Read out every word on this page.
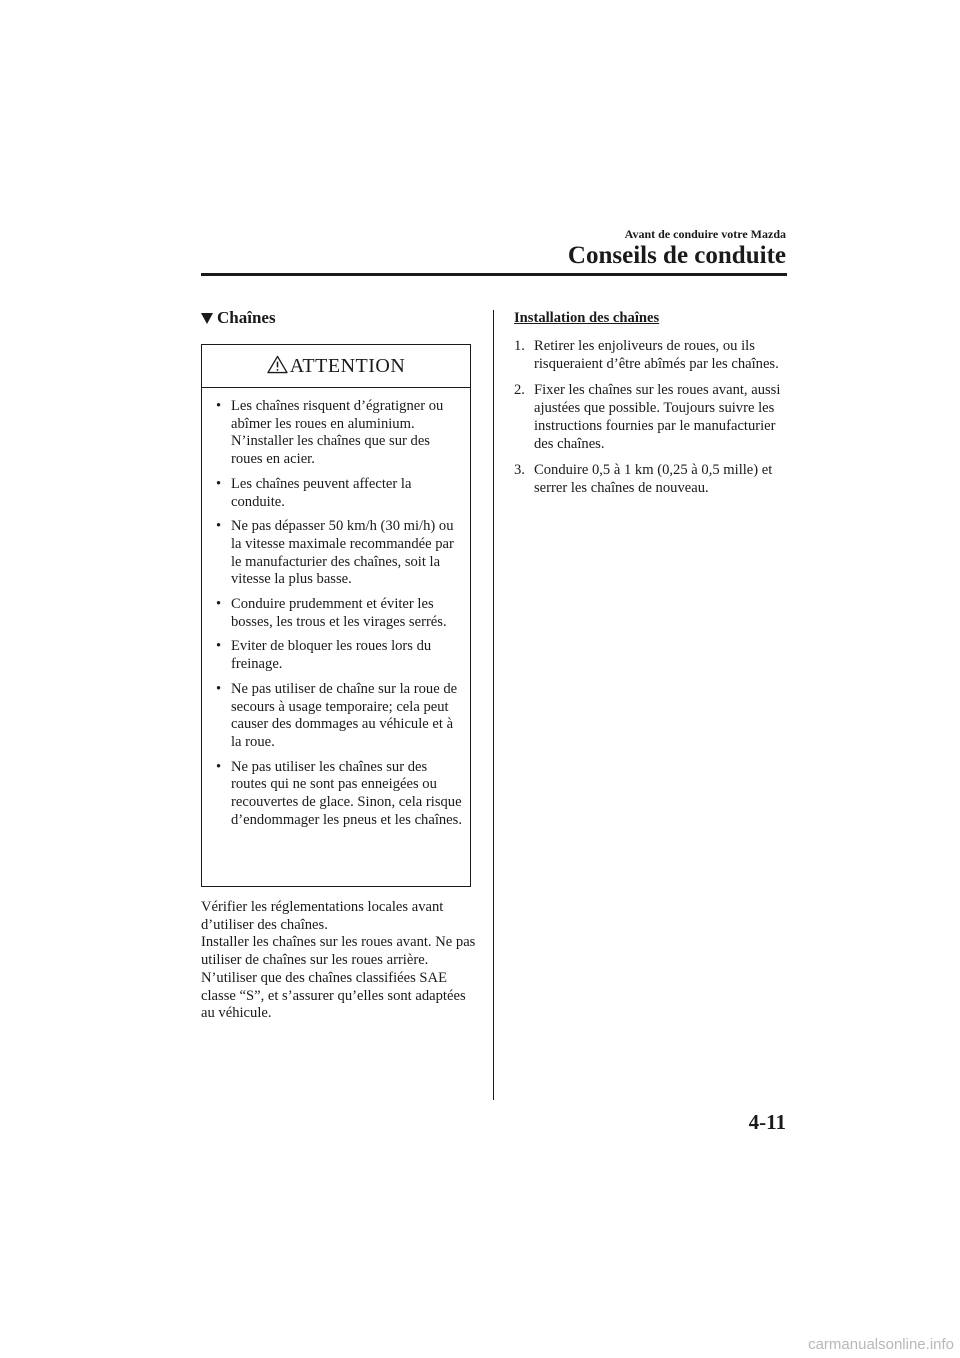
Avant de conduire votre Mazda
Conseils de conduite
Chaînes
ATTENTION
• Les chaînes risquent d’égratigner ou abîmer les roues en aluminium. N’installer les chaînes que sur des roues en acier.
• Les chaînes peuvent affecter la conduite.
• Ne pas dépasser 50 km/h (30 mi/h) ou la vitesse maximale recommandée par le manufacturier des chaînes, soit la vitesse la plus basse.
• Conduire prudemment et éviter les bosses, les trous et les virages serrés.
• Eviter de bloquer les roues lors du freinage.
• Ne pas utiliser de chaîne sur la roue de secours à usage temporaire; cela peut causer des dommages au véhicule et à la roue.
• Ne pas utiliser les chaînes sur des routes qui ne sont pas enneigées ou recouvertes de glace. Sinon, cela risque d’endommager les pneus et les chaînes.

Vérifier les réglementations locales avant d’utiliser des chaînes.

Installer les chaînes sur les roues avant. Ne pas utiliser de chaînes sur les roues arrière.

N’utiliser que des chaînes classifiées SAE classe “S”, et s’assurer qu’elles sont adaptées au véhicule.

Installation des chaînes
1. Retirer les enjoliveurs de roues, ou ils risqueraient d’être abîmés par les chaînes.
2. Fixer les chaînes sur les roues avant, aussi ajustées que possible. Toujours suivre les instructions fournies par le manufacturier des chaînes.
3. Conduire 0,5 à 1 km (0,25 à 0,5 mille) et serrer les chaînes de nouveau.
4-11
carmanualsonline.info
